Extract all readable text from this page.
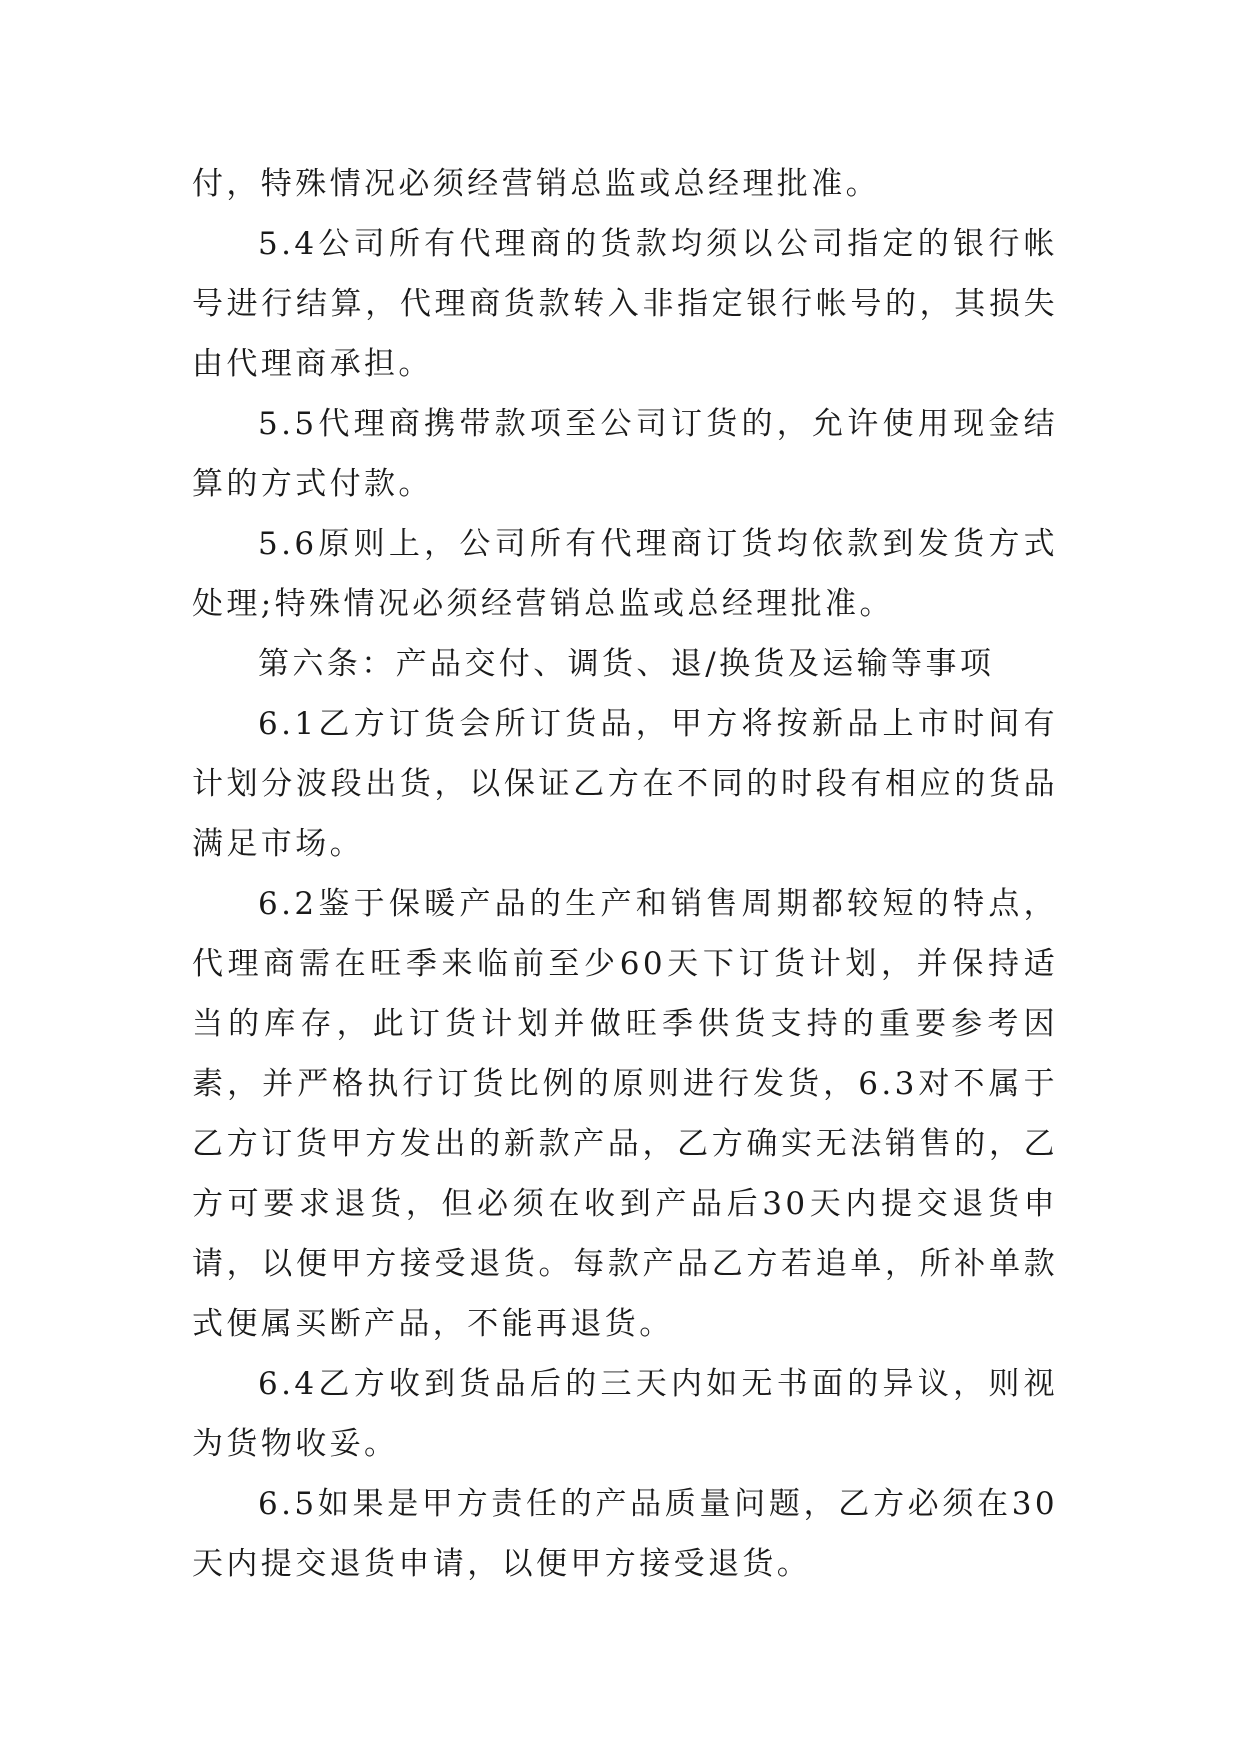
付，特殊情况必须经营销总监或总经理批准。

5.4公司所有代理商的货款均须以公司指定的银行帐号进行结算，代理商货款转入非指定银行帐号的，其损失由代理商承担。

5.5代理商携带款项至公司订货的，允许使用现金结算的方式付款。

5.6原则上，公司所有代理商订货均依款到发货方式处理;特殊情况必须经营销总监或总经理批准。

第六条：产品交付、调货、退/换货及运输等事项

6.1乙方订货会所订货品，甲方将按新品上市时间有计划分波段出货，以保证乙方在不同的时段有相应的货品满足市场。

6.2鉴于保暖产品的生产和销售周期都较短的特点，代理商需在旺季来临前至少60天下订货计划，并保持适当的库存，此订货计划并做旺季供货支持的重要参考因素，并严格执行订货比例的原则进行发货，6.3对不属于乙方订货甲方发出的新款产品，乙方确实无法销售的，乙方可要求退货，但必须在收到产品后30天内提交退货申请，以便甲方接受退货。每款产品乙方若追单，所补单款式便属买断产品，不能再退货。

6.4乙方收到货品后的三天内如无书面的异议，则视为货物收妥。

6.5如果是甲方责任的产品质量问题，乙方必须在30天内提交退货申请，以便甲方接受退货。
